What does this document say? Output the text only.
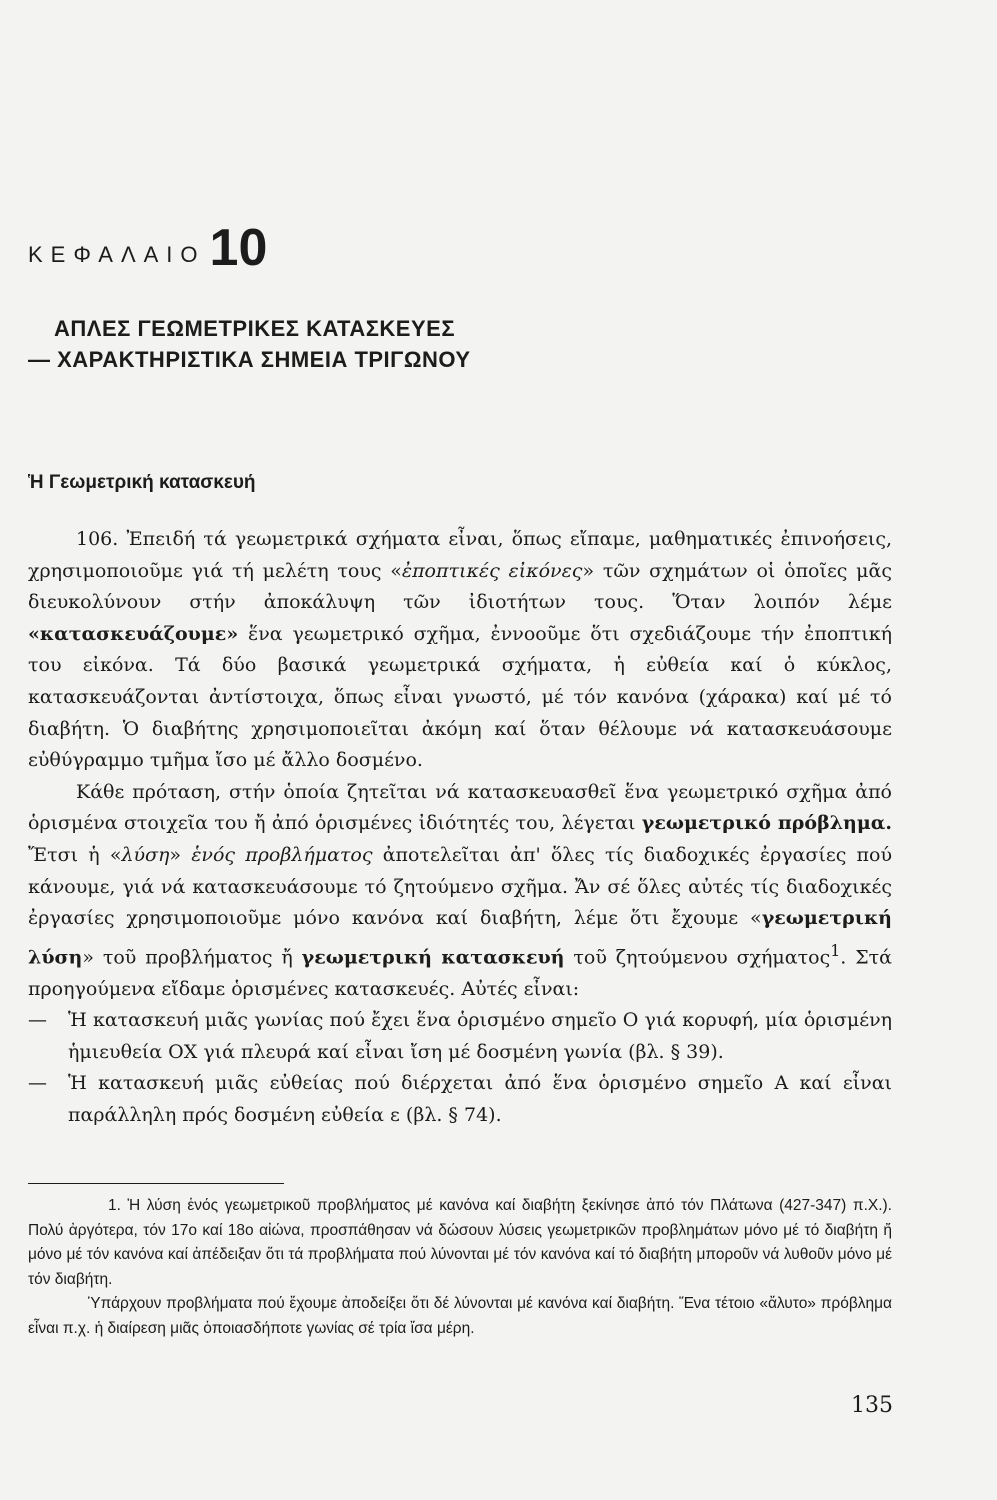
ΚΕΦΑΛΑΙΟ 10
ΑΠΛΕΣ ΓΕΩΜΕΤΡΙΚΕΣ ΚΑΤΑΣΚΕΥΕΣ
— ΧΑΡΑΚΤΗΡΙΣΤΙΚΑ ΣΗΜΕΙΑ ΤΡΙΓΩΝΟΥ
Ἡ Γεωμετρική κατασκευή

106. Ἐπειδή τά γεωμετρικά σχήματα εἶναι, ὅπως εἴπαμε, μαθηματικές ἐπινοήσεις, χρησιμοποιοῦμε γιά τή μελέτη τους «ἐποπτικές εἰκόνες» τῶν σχημάτων οἱ ὁποῖες μᾶς διευκολύνουν στήν ἀποκάλυψη τῶν ἰδιοτήτων τους. Ὅταν λοιπόν λέμε «κατασκευάζουμε» ἕνα γεωμετρικό σχῆμα, ἐννοοῦμε ὅτι σχεδιάζουμε τήν ἐποπτική του εἰκόνα. Τά δύο βασικά γεωμετρικά σχήματα, ἡ εὐθεία καί ὁ κύκλος, κατασκευάζονται ἀντίστοιχα, ὅπως εἶναι γνωστό, μέ τόν κανόνα (χάρακα) καί μέ τό διαβήτη. Ὁ διαβήτης χρησιμοποιεῖται ἀκόμη καί ὅταν θέλουμε νά κατασκευάσουμε εὐθύγραμμο τμῆμα ἴσο μέ ἄλλο δοσμένο.

Κάθε πρόταση, στήν ὁποία ζητεῖται νά κατασκευασθεῖ ἕνα γεωμετρικό σχῆμα ἀπό ὁρισμένα στοιχεῖα του ἤ ἀπό ὁρισμένες ἰδιότητές του, λέγεται γεωμετρικό πρόβλημα. Ἔτσι ἡ «λύση» ἑνός προβλήματος ἀποτελεῖται ἀπ' ὅλες τίς διαδοχικές ἐργασίες πού κάνουμε, γιά νά κατασκευάσουμε τό ζητούμενο σχῆμα. Ἄν σέ ὅλες αὐτές τίς διαδοχικές ἐργασίες χρησιμοποιοῦμε μόνο κανόνα καί διαβήτη, λέμε ὅτι ἔχουμε «γεωμετρική λύση» τοῦ προβλήματος ἤ γεωμετρική κατασκευή τοῦ ζητούμενου σχήματος$^1$. Στά προηγούμενα εἴδαμε ὁρισμένες κατασκευές. Αὐτές εἶναι:

—	Ἡ κατασκευή μιᾶς γωνίας πού ἔχει ἕνα ὁρισμένο σημεῖο Ο γιά κορυφή, μία ὁρισμένη ἡμιευθεία ΟΧ γιά πλευρά καί εἶναι ἴση μέ δοσμένη γωνία (βλ. § 39).
—	Ἡ κατασκευή μιᾶς εὐθείας πού διέρχεται ἀπό ἕνα ὁρισμένο σημεῖο Α καί εἶναι παράλληλη πρός δοσμένη εὐθεία ε (βλ. § 74).

1. Ἡ λύση ἑνός γεωμετρικοῦ προβλήματος μέ κανόνα καί διαβήτη ξεκίνησε ἀπό τόν Πλάτωνα (427-347) π.Χ.). Πολύ ἀργότερα, τόν 17ο καί 18ο αἰώνα, προσπάθησαν νά δώσουν λύσεις γεωμετρικῶν προβλημάτων μόνο μέ τό διαβήτη ἤ μόνο μέ τόν κανόνα καί ἀπέδειξαν ὅτι τά προβλήματα πού λύνονται μέ τόν κανόνα καί τό διαβήτη μποροῦν νά λυθοῦν μόνο μέ τόν διαβήτη.

Ὑπάρχουν προβλήματα πού ἔχουμε ἀποδείξει ὅτι δέ λύνονται μέ κανόνα καί διαβήτη. Ἕνα τέτοιο «ἄλυτο» πρόβλημα εἶναι π.χ. ἡ διαίρεση μιᾶς ὁποιασδήποτε γωνίας σέ τρία ἴσα μέρη.

135
